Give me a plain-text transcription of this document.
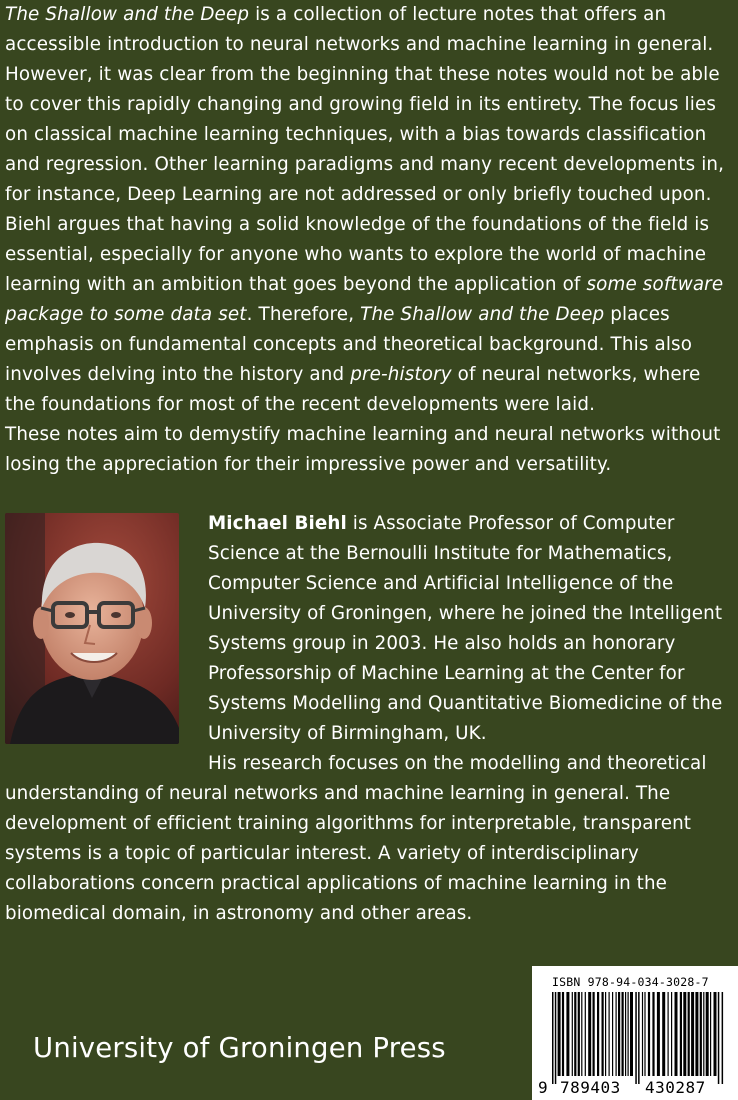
The Shallow and the Deep is a collection of lecture notes that offers an accessible introduction to neural networks and machine learning in general. However, it was clear from the beginning that these notes would not be able to cover this rapidly changing and growing field in its entirety. The focus lies on classical machine learning techniques, with a bias towards classification and regression. Other learning paradigms and many recent developments in, for instance, Deep Learning are not addressed or only briefly touched upon.

Biehl argues that having a solid knowledge of the foundations of the field is essential, especially for anyone who wants to explore the world of machine learning with an ambition that goes beyond the application of some software package to some data set. Therefore, The Shallow and the Deep places emphasis on fundamental concepts and theoretical background. This also involves delving into the history and pre-history of neural networks, where the foundations for most of the recent developments were laid.

These notes aim to demystify machine learning and neural networks without losing the appreciation for their impressive power and versatility.

Michael Biehl is Associate Professor of Computer Science at the Bernoulli Institute for Mathematics, Computer Science and Artificial Intelligence of the University of Groningen, where he joined the Intelligent Systems group in 2003. He also holds an honorary Professorship of Machine Learning at the Center for Systems Modelling and Quantitative Biomedicine of the University of Birmingham, UK.

His research focuses on the modelling and theoretical understanding of neural networks and machine learning in general. The development of efficient training algorithms for interpretable, transparent systems is a topic of particular interest. A variety of interdisciplinary collaborations concern practical applications of machine learning in the biomedical domain, in astronomy and other areas.
University of Groningen Press
ISBN 978-94-034-3028-7
9 789403 430287
